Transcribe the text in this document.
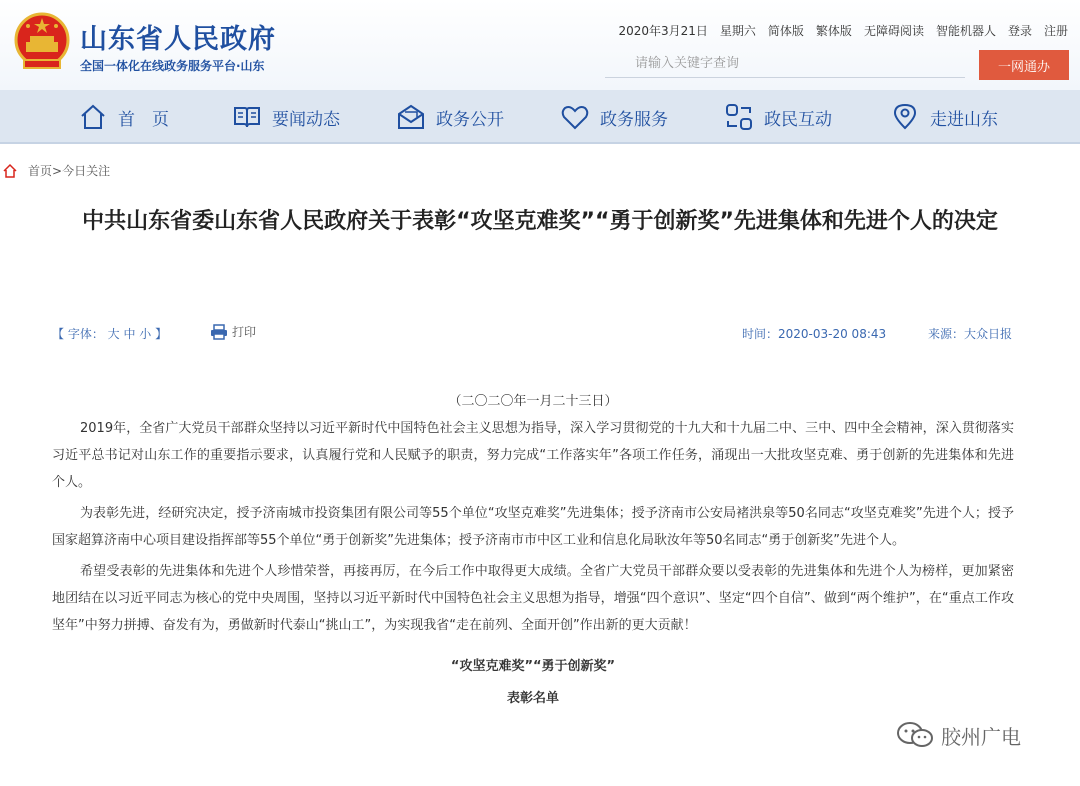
山东省人民政府
全国一体化在线政务服务平台·山东
2020年3月21日 星期六 简体版 繁体版 无障碍阅读 智能机器人 登录 注册
请输入关键字查询
一网通办
首　页	要闻动态	政务公开	政务服务	政民互动	走进山东
首页>今日关注
中共山东省委山东省人民政府关于表彰“攻坚克难奖”“勇于创新奖”先进集体和先进个人的决定
【 字体： 大 中 小 】	打印	时间：2020-03-20 08:43	来源：大众日报

（二〇二〇年一月二十三日）

2019年，全省广大党员干部群众坚持以习近平新时代中国特色社会主义思想为指导，深入学习贯彻党的十九大和十九届二中、三中、四中全会精神，深入贯彻落实习近平总书记对山东工作的重要指示要求，认真履行党和人民赋予的职责，努力完成“工作落实年”各项工作任务，涌现出一大批攻坚克难、勇于创新的先进集体和先进个人。

为表彰先进，经研究决定，授予济南城市投资集团有限公司等55个单位“攻坚克难奖”先进集体；授予济南市公安局褚洪泉等50名同志“攻坚克难奖”先进个人；授予国家超算济南中心项目建设指挥部等55个单位“勇于创新奖”先进集体；授予济南市市中区工业和信息化局耿汝年等50名同志“勇于创新奖”先进个人。

希望受表彰的先进集体和先进个人珍惜荣誉，再接再厉，在今后工作中取得更大成绩。全省广大党员干部群众要以受表彰的先进集体和先进个人为榜样，更加紧密地团结在以习近平同志为核心的党中央周围，坚持以习近平新时代中国特色社会主义思想为指导，增强“四个意识”、坚定“四个自信”、做到“两个维护”，在“重点工作攻坚年”中努力拼搏、奋发有为，勇做新时代泰山“挑山工”，为实现我省“走在前列、全面开创”作出新的更大贡献！

“攻坚克难奖”“勇于创新奖”

表彰名单

胶州广电
